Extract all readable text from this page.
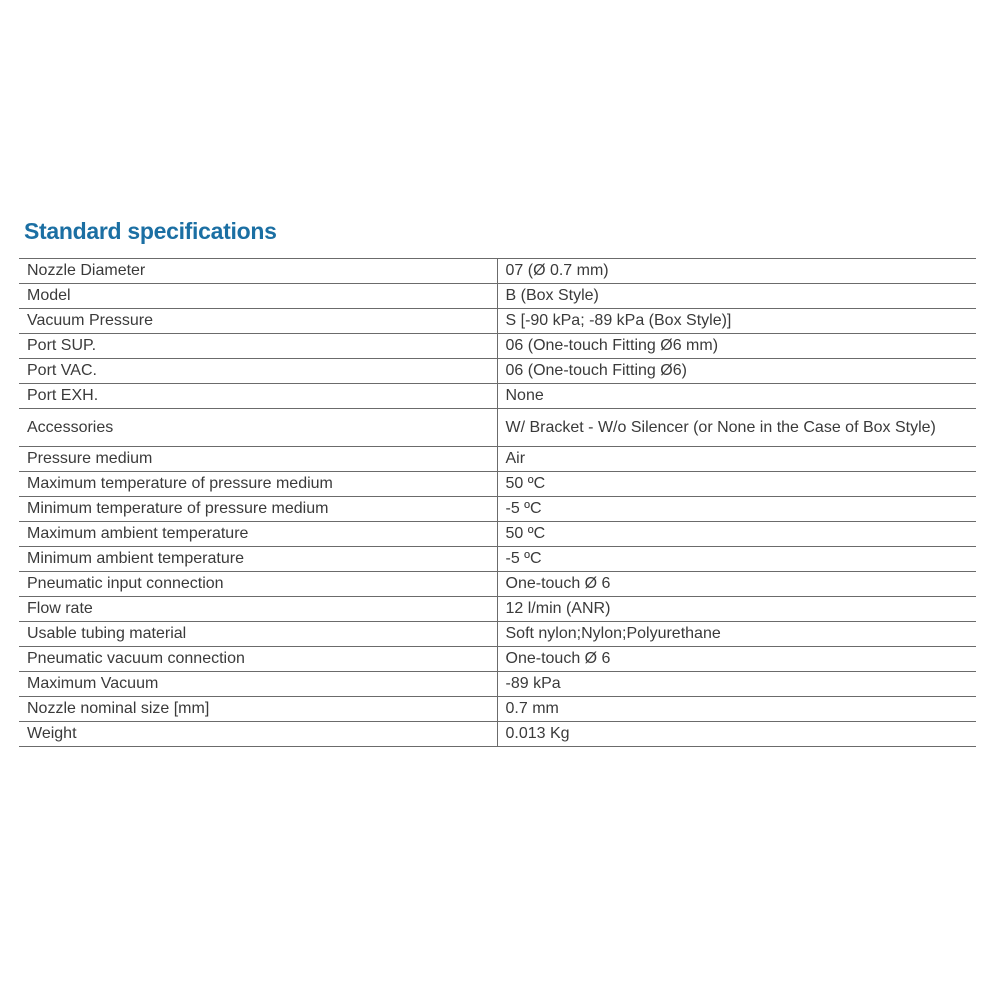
Standard specifications
Nozzle Diameter	07 (Ø 0.7 mm)
Model	B (Box Style)
Vacuum Pressure	S [-90 kPa; -89 kPa (Box Style)]
Port SUP.	06 (One-touch Fitting Ø6 mm)
Port VAC.	06 (One-touch Fitting Ø6)
Port EXH.	None
Accessories	W/ Bracket - W/o Silencer (or None in the Case of Box Style)
Pressure medium	Air
Maximum temperature of pressure medium	50 ºC
Minimum temperature of pressure medium	-5 ºC
Maximum ambient temperature	50 ºC
Minimum ambient temperature	-5 ºC
Pneumatic input connection	One-touch Ø 6
Flow rate	12 l/min (ANR)
Usable tubing material	Soft nylon;Nylon;Polyurethane
Pneumatic vacuum connection	One-touch Ø 6
Maximum Vacuum	-89 kPa
Nozzle nominal size [mm]	0.7 mm
Weight	0.013 Kg
